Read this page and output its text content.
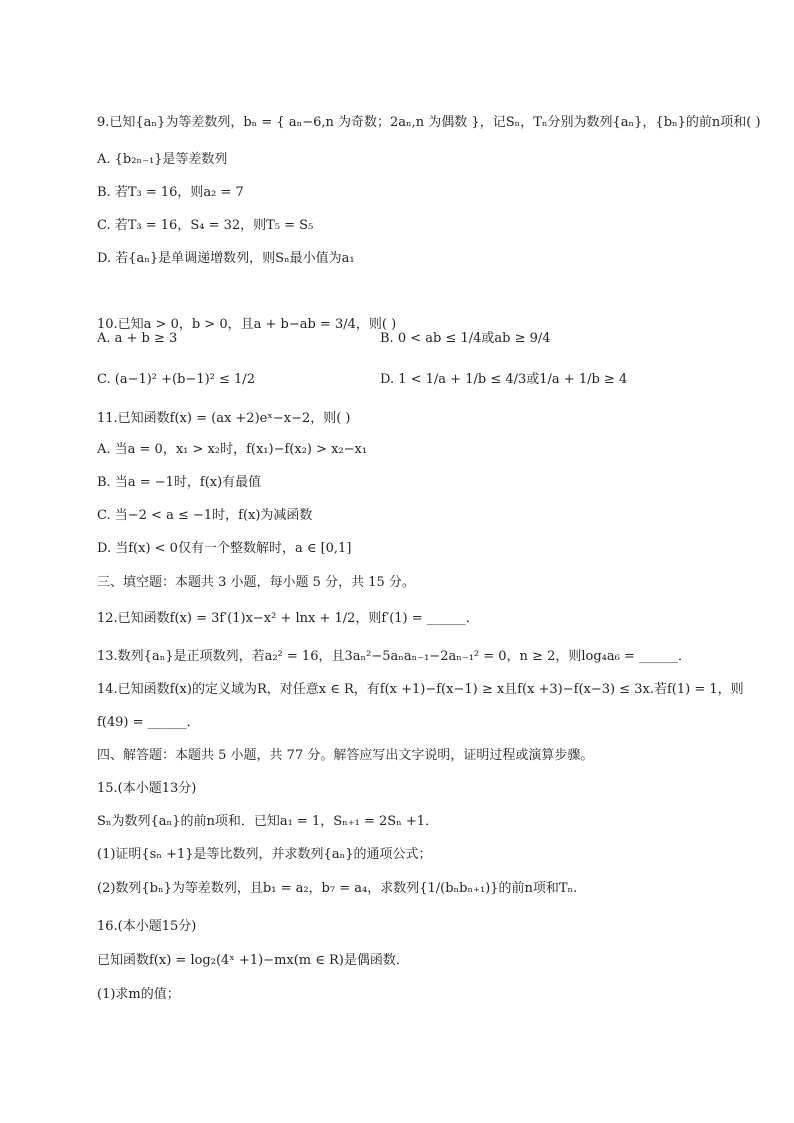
9.已知{aₙ}为等差数列，bₙ = { aₙ−6,n 为奇数；2aₙ,n 为偶数 }，记Sₙ，Tₙ分别为数列{aₙ}，{bₙ}的前n项和( )
A. {b₂ₙ₋₁}是等差数列
B. 若T₃ = 16，则a₂ = 7
C. 若T₃ = 16，S₄ = 32，则T₅ = S₅
D. 若{aₙ}是单调递增数列，则Sₙ最小值为a₁
10.已知a > 0，b > 0，且a + b−ab = 3/4，则( )
A. a + b ≥ 3	B. 0 < ab ≤ 1/4或ab ≥ 9/4
C. (a−1)² +(b−1)² ≤ 1/2	D. 1 < 1/a + 1/b ≤ 4/3或1/a + 1/b ≥ 4
11.已知函数f(x) = (ax +2)eˣ−x−2，则( )
A. 当a = 0，x₁ > x₂时，f(x₁)−f(x₂) > x₂−x₁
B. 当a = −1时，f(x)有最值
C. 当−2 < a ≤ −1时，f(x)为减函数
D. 当f(x) < 0仅有一个整数解时，a ∈ [0,1]
三、填空题：本题共 3 小题，每小题 5 分，共 15 分。
12.已知函数f(x) = 3f′(1)x−x² + lnx + 1/2，则f′(1) = ______．
13.数列{aₙ}是正项数列，若a₂² = 16，且3aₙ²−5aₙaₙ₋₁−2aₙ₋₁² = 0，n ≥ 2，则log₄a₆ = ______．
14.已知函数f(x)的定义域为R，对任意x ∈ R，有f(x +1)−f(x−1) ≥ x且f(x +3)−f(x−3) ≤ 3x.若f(1) = 1，则
f(49) = ______．
四、解答题：本题共 5 小题，共 77 分。解答应写出文字说明，证明过程或演算步骤。
15.(本小题13分)
Sₙ为数列{aₙ}的前n项和．已知a₁ = 1，Sₙ₊₁ = 2Sₙ +1．
(1)证明{sₙ +1}是等比数列，并求数列{aₙ}的通项公式；
(2)数列{bₙ}为等差数列，且b₁ = a₂，b₇ = a₄，求数列{1/(bₙbₙ₊₁)}的前n项和Tₙ.
16.(本小题15分)
已知函数f(x) = log₂(4ˣ +1)−mx(m ∈ R)是偶函数．
(1)求m的值；
